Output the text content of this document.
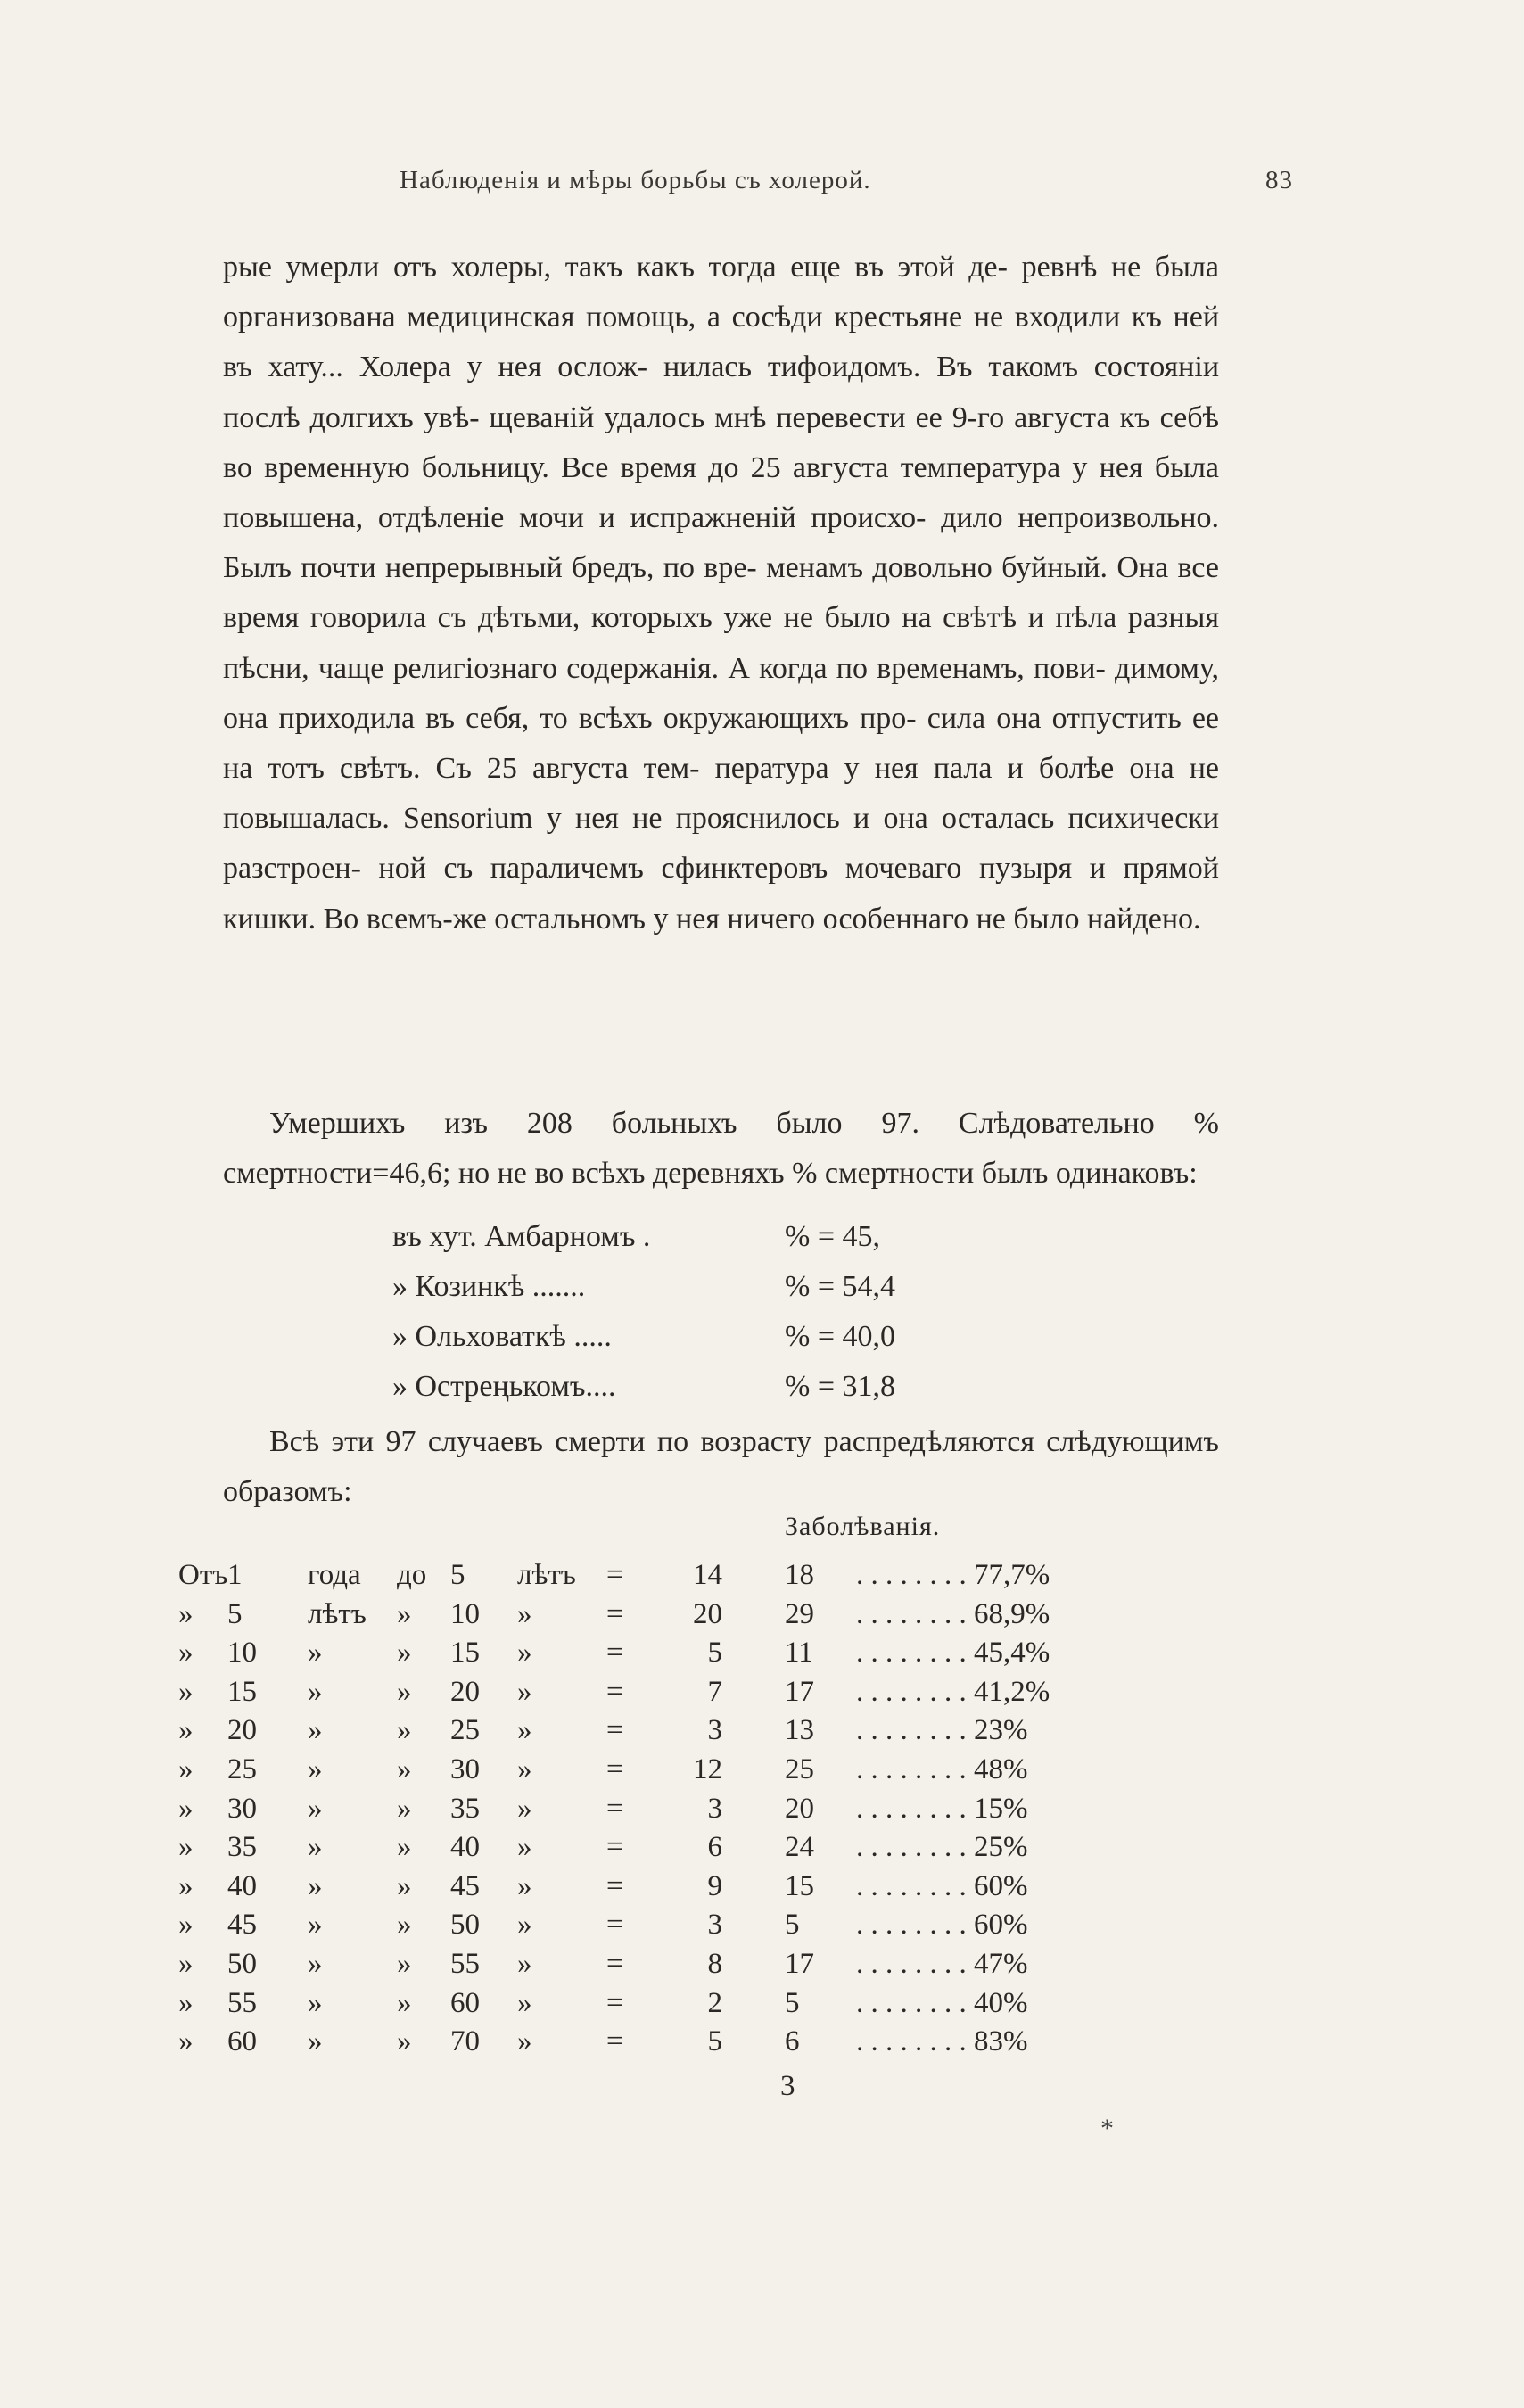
Наблюденія и мѣры борьбы съ холерой.	83

рые умерли отъ холеры, такъ какъ тогда еще въ этой де- ревнѣ не была организована медицинская помощь, а сосѣди крестьяне не входили къ ней въ хату... Холера у нея ослож- нилась тифоидомъ. Въ такомъ состояніи послѣ долгихъ увѣ- щеваній удалось мнѣ перевести ее 9-го августа къ себѣ во временную больницу. Все время до 25 августа температура у нея была повышена, отдѣленіе мочи и испражненій происхо- дило непроизвольно. Былъ почти непрерывный бредъ, по вре- менамъ довольно буйный. Она все время говорила съ дѣтьми, которыхъ уже не было на свѣтѣ и пѣла разныя пѣсни, чаще религіознаго содержанія. А когда по временамъ, пови- димому, она приходила въ себя, то всѣхъ окружающихъ про- сила она отпустить ее на тотъ свѣтъ. Съ 25 августа тем- пература у нея пала и болѣе она не повышалась. Sensorium у нея не прояснилось и она осталась психически разстроен- ной съ параличемъ сфинктеровъ мочеваго пузыря и прямой кишки. Во всемъ-же остальномъ у нея ничего особеннаго не было найдено.

Умершихъ изъ 208 больныхъ было 97. Слѣдовательно % смертности=46,6; но не во всѣхъ деревняхъ % смертности былъ одинаковъ:

въ хут. Амбарномъ .	% = 45,
» Козинкѣ .......	% = 54,4
» Ольховаткѣ .....	% = 40,0
» Остреңькомъ....	% = 31,8

Всѣ эти 97 случаевъ смерти по возрасту распредѣляются слѣдующимъ образомъ:

Заболѣванія.
Отъ 1 года до 5 лѣтъ =	14 18 . . . . . . . . 77,7%
» 5 лѣтъ » 10 »	=	20 29 . . . . . . . . 68,9%
» 10 »	» 15 »	=	5 11 . . . . . . . . 45,4%
» 15 »	» 20 »	=	7 17 . . . . . . . . 41,2%
» 20 »	» 25 »	=	3 13 . . . . . . . . 23%
» 25 »	» 30 »	=	12 25 . . . . . . . . 48%
» 30 »	» 35 »	=	3 20 . . . . . . . . 15%
» 35 »	» 40 »	=	6 24 . . . . . . . . 25%
» 40 »	» 45 »	=	9 15 . . . . . . . . 60%
» 45 »	» 50 »	=	3 5 . . . . . . . . 60%
» 50 »	» 55 »	=	8 17 . . . . . . . . 47%
» 55 »	» 60 »	=	2 5 . . . . . . . . 40%
» 60 »	» 70 »	=	5 6 . . . . . . . . 83%
3
*
